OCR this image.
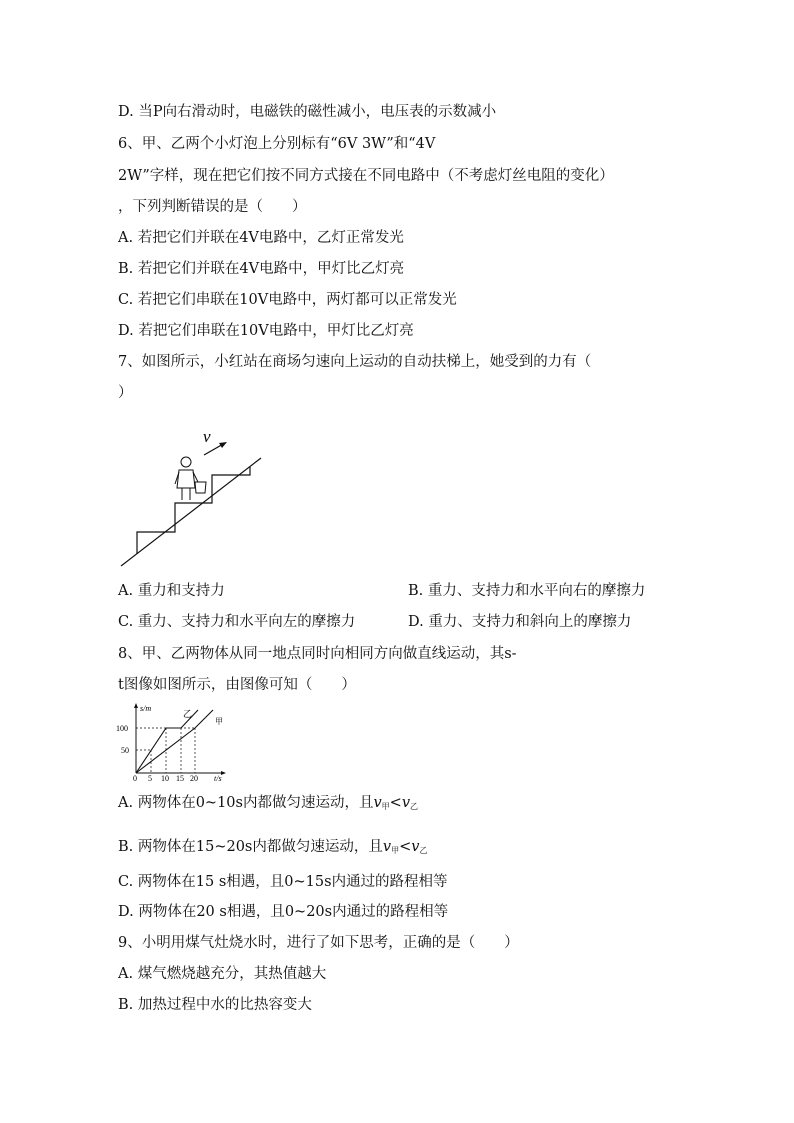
D. 当P向右滑动时，电磁铁的磁性减小，电压表的示数减小
6、甲、乙两个小灯泡上分别标有“6V 3W”和“4V
2W”字样，现在把它们按不同方式接在不同电路中（不考虑灯丝电阻的变化）
，下列判断错误的是（　　）
A. 若把它们并联在4V电路中，乙灯正常发光
B. 若把它们并联在4V电路中，甲灯比乙灯亮
C. 若把它们串联在10V电路中，两灯都可以正常发光
D. 若把它们串联在10V电路中，甲灯比乙灯亮
7、如图所示，小红站在商场匀速向上运动的自动扶梯上，她受到的力有（
）
v
A. 重力和支持力	B. 重力、支持力和水平向右的摩擦力
C. 重力、支持力和水平向左的摩擦力	D. 重力、支持力和斜向上的摩擦力
8、甲、乙两物体从同一地点同时向相同方向做直线运动，其s-
t图像如图所示，由图像可知（　　）
s/m
t/s
100
50
0 5 10 15 20
乙
甲
A. 两物体在0~10s内都做匀速运动，且$v_甲<v_乙$
B. 两物体在15~20s内都做匀速运动，且$v_甲<v_乙$
C. 两物体在15 s相遇，且0~15s内通过的路程相等
D. 两物体在20 s相遇，且0~20s内通过的路程相等
9、小明用煤气灶烧水时，进行了如下思考，正确的是（　　）
A. 煤气燃烧越充分，其热值越大
B. 加热过程中水的比热容变大
